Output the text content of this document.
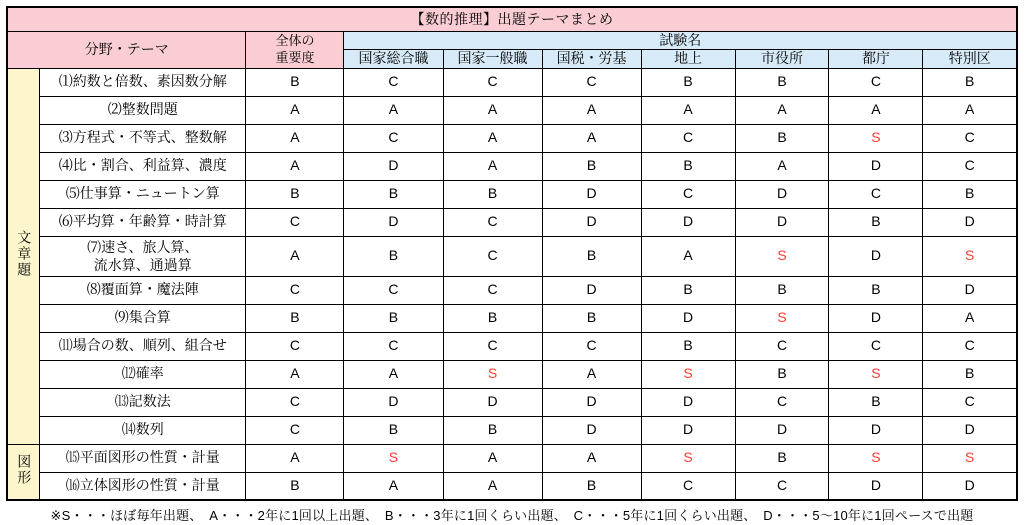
【数的推理】出題テーマまとめ									
分野・テーマ		全体の
重要度	試験名						
			国家総合職	国家一般職	国税・労基	地上	市役所	都庁	特別区
文章題	⑴約数と倍数、素因数分解	B	C	C	C	B	B	C	B
	⑵整数問題	A	A	A	A	A	A	A	A
	⑶方程式・不等式、整数解	A	C	A	A	C	B	S	C
	⑷比・割合、利益算、濃度	A	D	A	B	B	A	D	C
	⑸仕事算・ニュートン算	B	B	B	D	C	D	C	B
	⑹平均算・年齢算・時計算	C	D	C	D	D	D	B	D
	⑺速さ、旅人算、
流水算、通過算	A	B	C	B	A	S	D	S
	⑻覆面算・魔法陣	C	C	C	D	B	B	B	D
	⑼集合算	B	B	B	B	D	S	D	A
	⑾場合の数、順列、組合せ	C	C	C	C	B	C	C	C
	⑿確率	A	A	S	A	S	B	S	B
	⒀記数法	C	D	D	D	D	C	B	C
	⒁数列	C	B	B	D	D	D	D	D
図形	⒂平面図形の性質・計量	A	S	A	A	S	B	S	S
	⒃立体図形の性質・計量	B	A	A	B	C	C	D	D
※S・・・ほぼ毎年出題、　A・・・2年に1回以上出題、　B・・・3年に1回くらい出題、　C・・・5年に1回くらい出題、　D・・・5〜10年に1回ペースで出題
